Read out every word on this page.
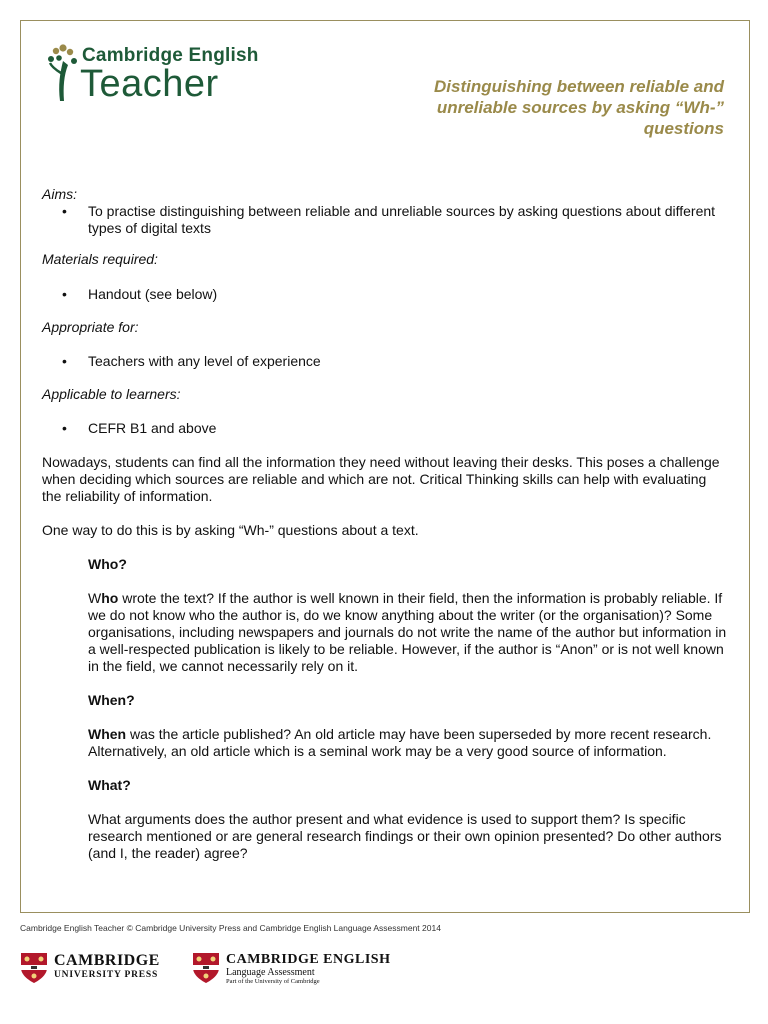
Cambridge English
Teacher	Distinguishing between reliable and
unreliable sources by asking “Wh-”
questions

Aims:

• To practise distinguishing between reliable and unreliable sources by asking questions about different types of digital texts

Materials required:

• Handout (see below)

Appropriate for:

• Teachers with any level of experience

Applicable to learners:

• CEFR B1 and above

Nowadays, students can find all the information they need without leaving their desks. This poses a challenge when deciding which sources are reliable and which are not. Critical Thinking skills can help with evaluating the reliability of information.

One way to do this is by asking “Wh-” questions about a text.

Who?

Who wrote the text? If the author is well known in their field, then the information is probably reliable. If we do not know who the author is, do we know anything about the writer (or the organisation)? Some organisations, including newspapers and journals do not write the name of the author but information in a well-respected publication is likely to be reliable. However, if the author is “Anon” or is not well known in the field, we cannot necessarily rely on it.

When?

When was the article published? An old article may have been superseded by more recent research. Alternatively, an old article which is a seminal work may be a very good source of information.

What?

What arguments does the author present and what evidence is used to support them? Is specific research mentioned or are general research findings or their own opinion presented? Do other authors (and I, the reader) agree?

Cambridge English Teacher © Cambridge University Press and Cambridge English Language Assessment 2014
CAMBRIDGE
UNIVERSITY PRESS
CAMBRIDGE ENGLISH
Language Assessment
Part of the University of Cambridge
